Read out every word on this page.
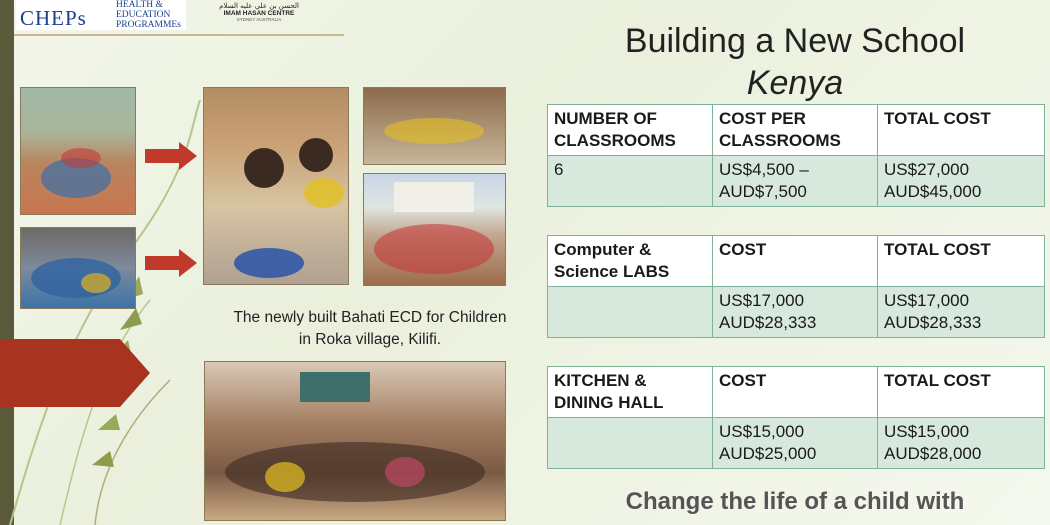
CHEPs
HEALTH &
EDUCATION
PROGRAMMEs
الحسن بن علي عليه السلام
IMAM HASAN CENTRE
SYDNEY AUSTRALIA
The newly built Bahati ECD for Children
in Roka village, Kilifi.
Building a New School
Kenya
NUMBER OF CLASSROOMS	COST PER CLASSROOMS	TOTAL COST
6	US$4,500 – AUD$7,500	US$27,000 AUD$45,000
Computer & Science LABS	COST	TOTAL COST
	US$17,000 AUD$28,333	US$17,000 AUD$28,333
KITCHEN & DINING HALL	COST	TOTAL COST
	US$15,000 AUD$25,000	US$15,000 AUD$28,000
Change the life of a child with
